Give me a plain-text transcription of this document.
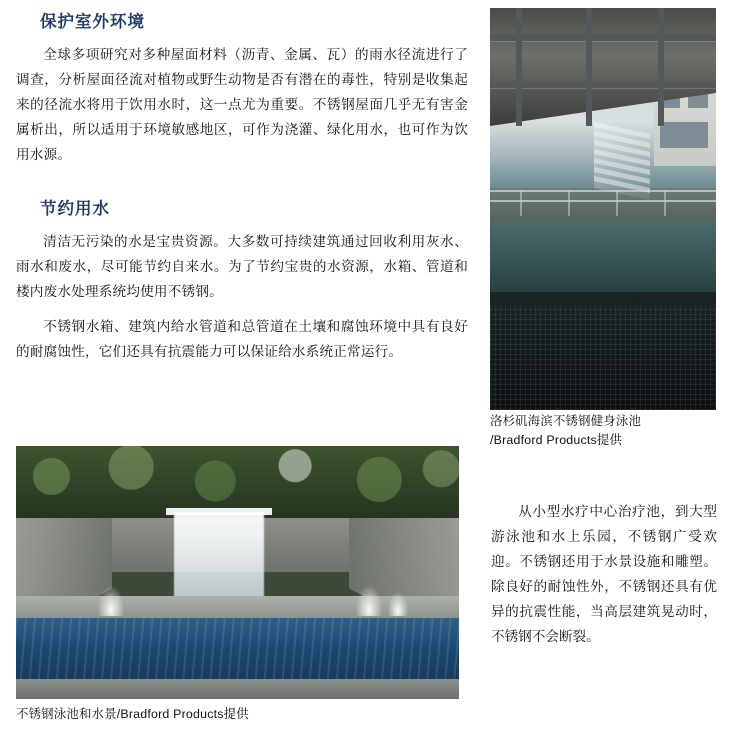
保护室外环境

全球多项研究对多种屋面材料（沥青、金属、瓦）的雨水径流进行了调查，分析屋面径流对植物或野生动物是否有潜在的毒性，特别是收集起来的径流水将用于饮用水时，这一点尤为重要。不锈钢屋面几乎无有害金属析出，所以适用于环境敏感地区，可作为浇灌、绿化用水，也可作为饮用水源。

节约用水

清洁无污染的水是宝贵资源。大多数可持续建筑通过回收利用灰水、雨水和废水，尽可能节约自来水。为了节约宝贵的水资源，水箱、管道和楼内废水处理系统均使用不锈钢。

不锈钢水箱、建筑内给水管道和总管道在土壤和腐蚀环境中具有良好的耐腐蚀性，它们还具有抗震能力可以保证给水系统正常运行。

洛杉矶海滨不锈钢健身泳池
/Bradford Products提供

从小型水疗中心治疗池，到大型游泳池和水上乐园，不锈钢广受欢迎。不锈钢还用于水景设施和雕塑。除良好的耐蚀性外，不锈钢还具有优异的抗震性能，当高层建筑晃动时，不锈钢不会断裂。

不锈钢泳池和水景/Bradford Products提供
